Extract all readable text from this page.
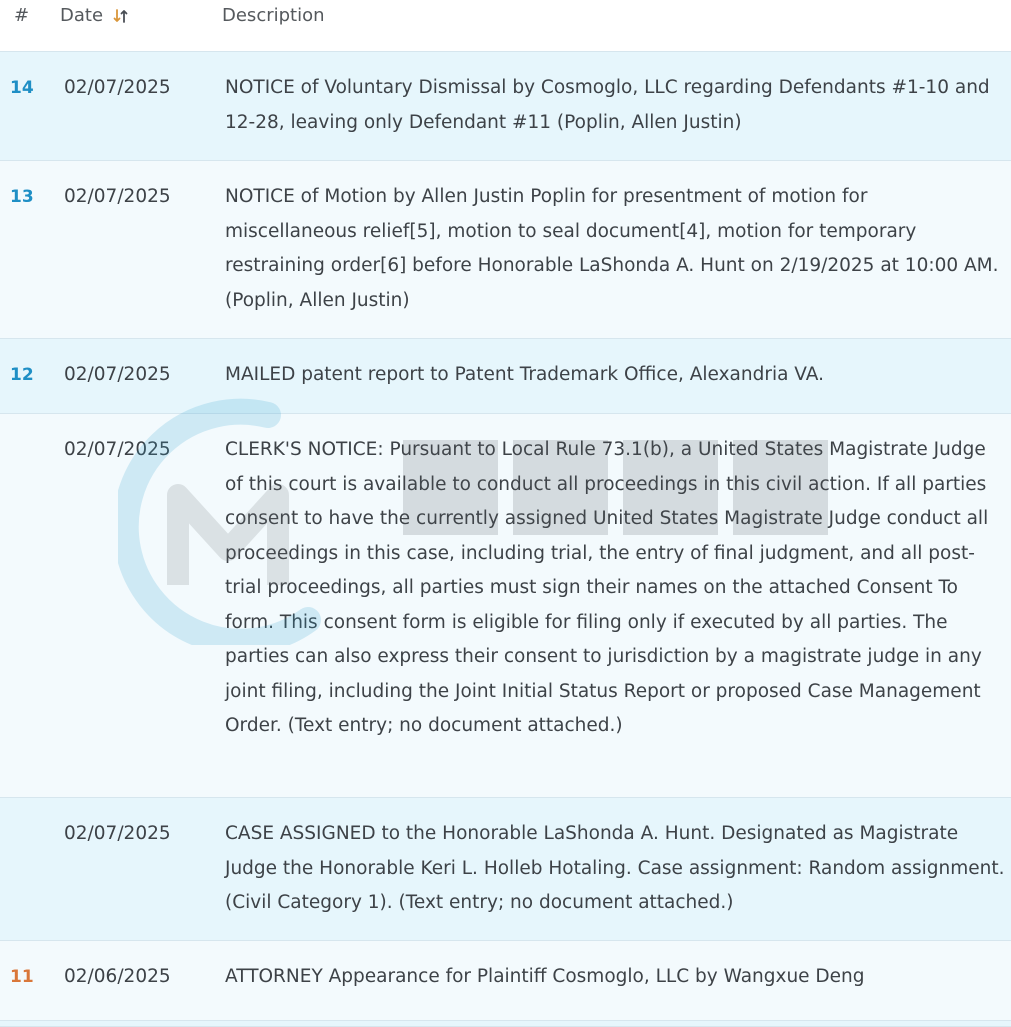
# Date	Description
14 02/07/2025	NOTICE of Voluntary Dismissal by Cosmoglo, LLC regarding Defendants #1-10 and 12-28, leaving only Defendant #11 (Poplin, Allen Justin)
13 02/07/2025	NOTICE of Motion by Allen Justin Poplin for presentment of motion for miscellaneous relief[5], motion to seal document[4], motion for temporary restraining order[6] before Honorable LaShonda A. Hunt on 2/19/2025 at 10:00 AM. (Poplin, Allen Justin)
12 02/07/2025	MAILED patent report to Patent Trademark Office, Alexandria VA.
02/07/2025	CLERK'S NOTICE: Pursuant to Local Rule 73.1(b), a United States Magistrate Judge of this court is available to conduct all proceedings in this civil action. If all parties consent to have the currently assigned United States Magistrate Judge conduct all proceedings in this case, including trial, the entry of final judgment, and all post-trial proceedings, all parties must sign their names on the attached Consent To form. This consent form is eligible for filing only if executed by all parties. The parties can also express their consent to jurisdiction by a magistrate judge in any joint filing, including the Joint Initial Status Report or proposed Case Management Order. (Text entry; no document attached.)
02/07/2025	CASE ASSIGNED to the Honorable LaShonda A. Hunt. Designated as Magistrate Judge the Honorable Keri L. Holleb Hotaling. Case assignment: Random assignment. (Civil Category 1). (Text entry; no document attached.)
11 02/06/2025	ATTORNEY Appearance for Plaintiff Cosmoglo, LLC by Wangxue Deng
